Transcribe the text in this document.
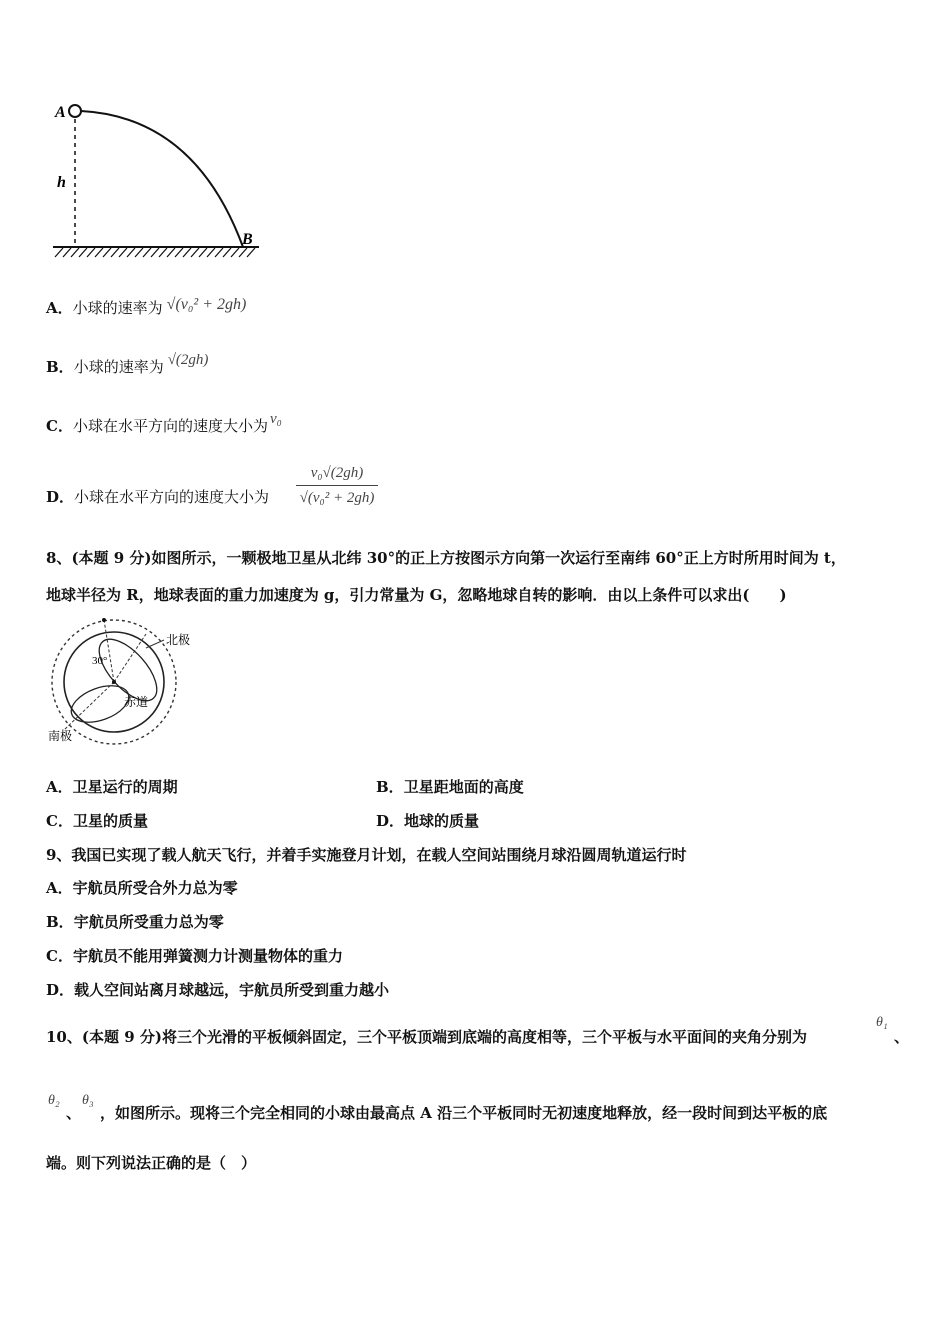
A
h
B
A．小球的速率为 √(v₀² + 2gh)
B．小球的速率为 √(2gh)
C．小球在水平方向的速度大小为 v₀
D．小球在水平方向的速度大小为 $\frac{\text{v₀√(2gh)}}{\text{√(v₀² + 2gh)}}$
8、(本题 9 分)如图所示，一颗极地卫星从北纬 30°的正上方按图示方向第一次运行至南纬 60°正上方时所用时间为 t，
地球半径为 R，地球表面的重力加速度为 g，引力常量为 G，忽略地球自转的影响．由以上条件可以求出(　　)
北极
30°
赤道
南极
A．卫星运行的周期	B．卫星距地面的高度
C．卫星的质量	D．地球的质量
9、我国已实现了载人航天飞行，并着手实施登月计划，在载人空间站围绕月球沿圆周轨道运行时
A．宇航员所受合外力总为零
B．宇航员所受重力总为零
C．宇航员不能用弹簧测力计测量物体的重力
D．载人空间站离月球越远，宇航员所受到重力越小
10、(本题 9 分)将三个光滑的平板倾斜固定，三个平板顶端到底端的高度相等，三个平板与水平面间的夹角分别为
θ₁
、
θ₂
、
θ₃
，如图所示。现将三个完全相同的小球由最高点 A 沿三个平板同时无初速度地释放，经一段时间到达平板的底
端。则下列说法正确的是（　）
